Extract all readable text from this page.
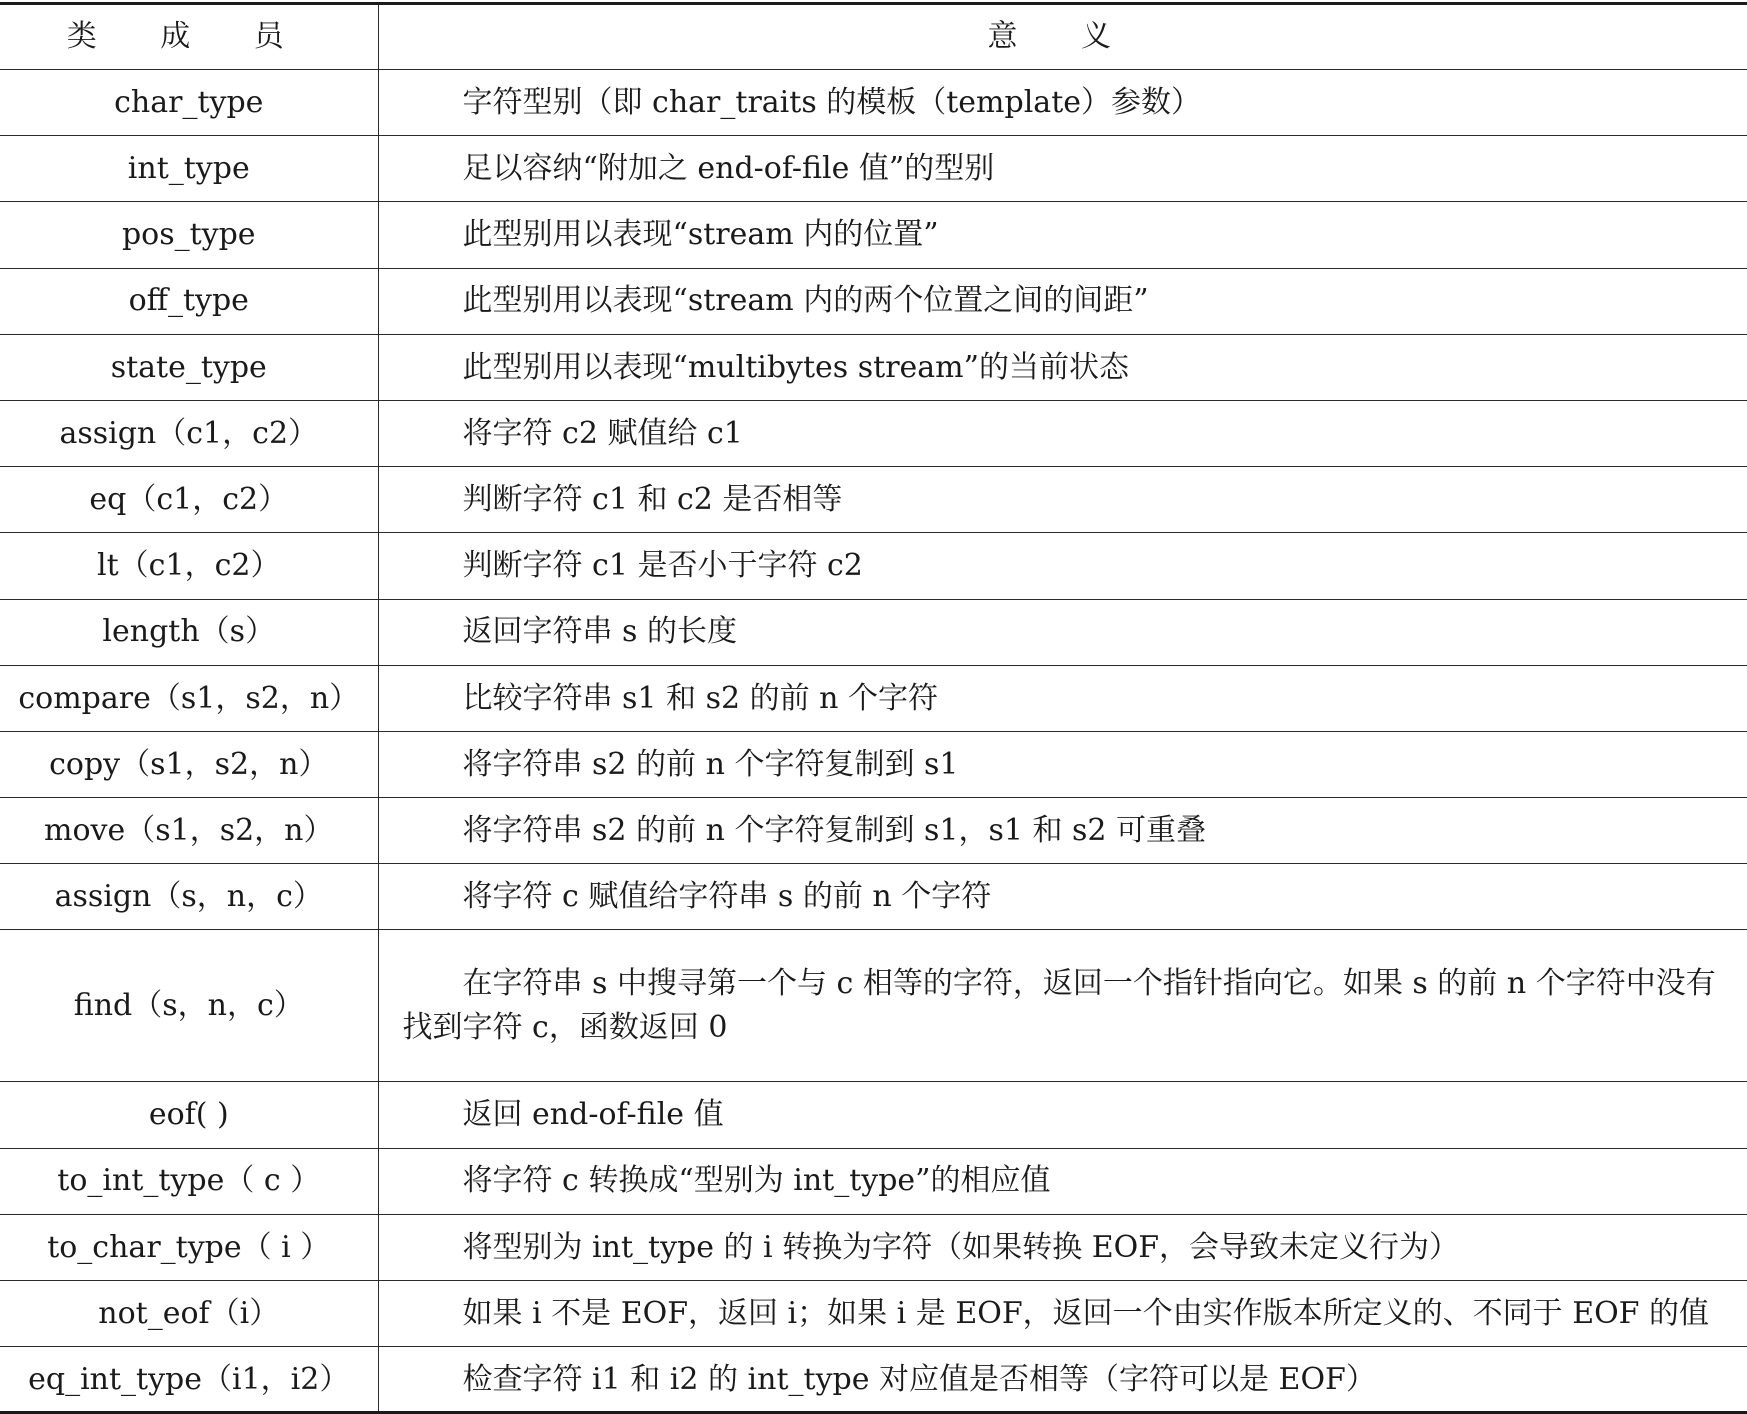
类 成 员	意 义
char_type	字符型别（即 char_traits 的模板（template）参数）
int_type	足以容纳“附加之 end-of-file 值”的型别
pos_type	此型别用以表现“stream 内的位置”
off_type	此型别用以表现“stream 内的两个位置之间的间距”
state_type	此型别用以表现“multibytes stream”的当前状态
assign（c1，c2）	将字符 c2 赋值给 c1
eq（c1，c2）	判断字符 c1 和 c2 是否相等
lt（c1，c2）	判断字符 c1 是否小于字符 c2
length（s）	返回字符串 s 的长度
compare（s1，s2，n）	比较字符串 s1 和 s2 的前 n 个字符
copy（s1，s2，n）	将字符串 s2 的前 n 个字符复制到 s1
move（s1，s2，n）	将字符串 s2 的前 n 个字符复制到 s1，s1 和 s2 可重叠
assign（s，n，c）	将字符 c 赋值给字符串 s 的前 n 个字符
find（s，n，c）	在字符串 s 中搜寻第一个与 c 相等的字符，返回一个指针指向它。如果 s 的前 n 个字符中没有找到字符 c，函数返回 0
eof( )	返回 end-of-file 值
to_int_type（ c ）	将字符 c 转换成“型别为 int_type”的相应值
to_char_type（ i ）	将型别为 int_type 的 i 转换为字符（如果转换 EOF，会导致未定义行为）
not_eof（i）	如果 i 不是 EOF，返回 i；如果 i 是 EOF，返回一个由实作版本所定义的、不同于 EOF 的值
eq_int_type（i1，i2）	检查字符 i1 和 i2 的 int_type 对应值是否相等（字符可以是 EOF）
